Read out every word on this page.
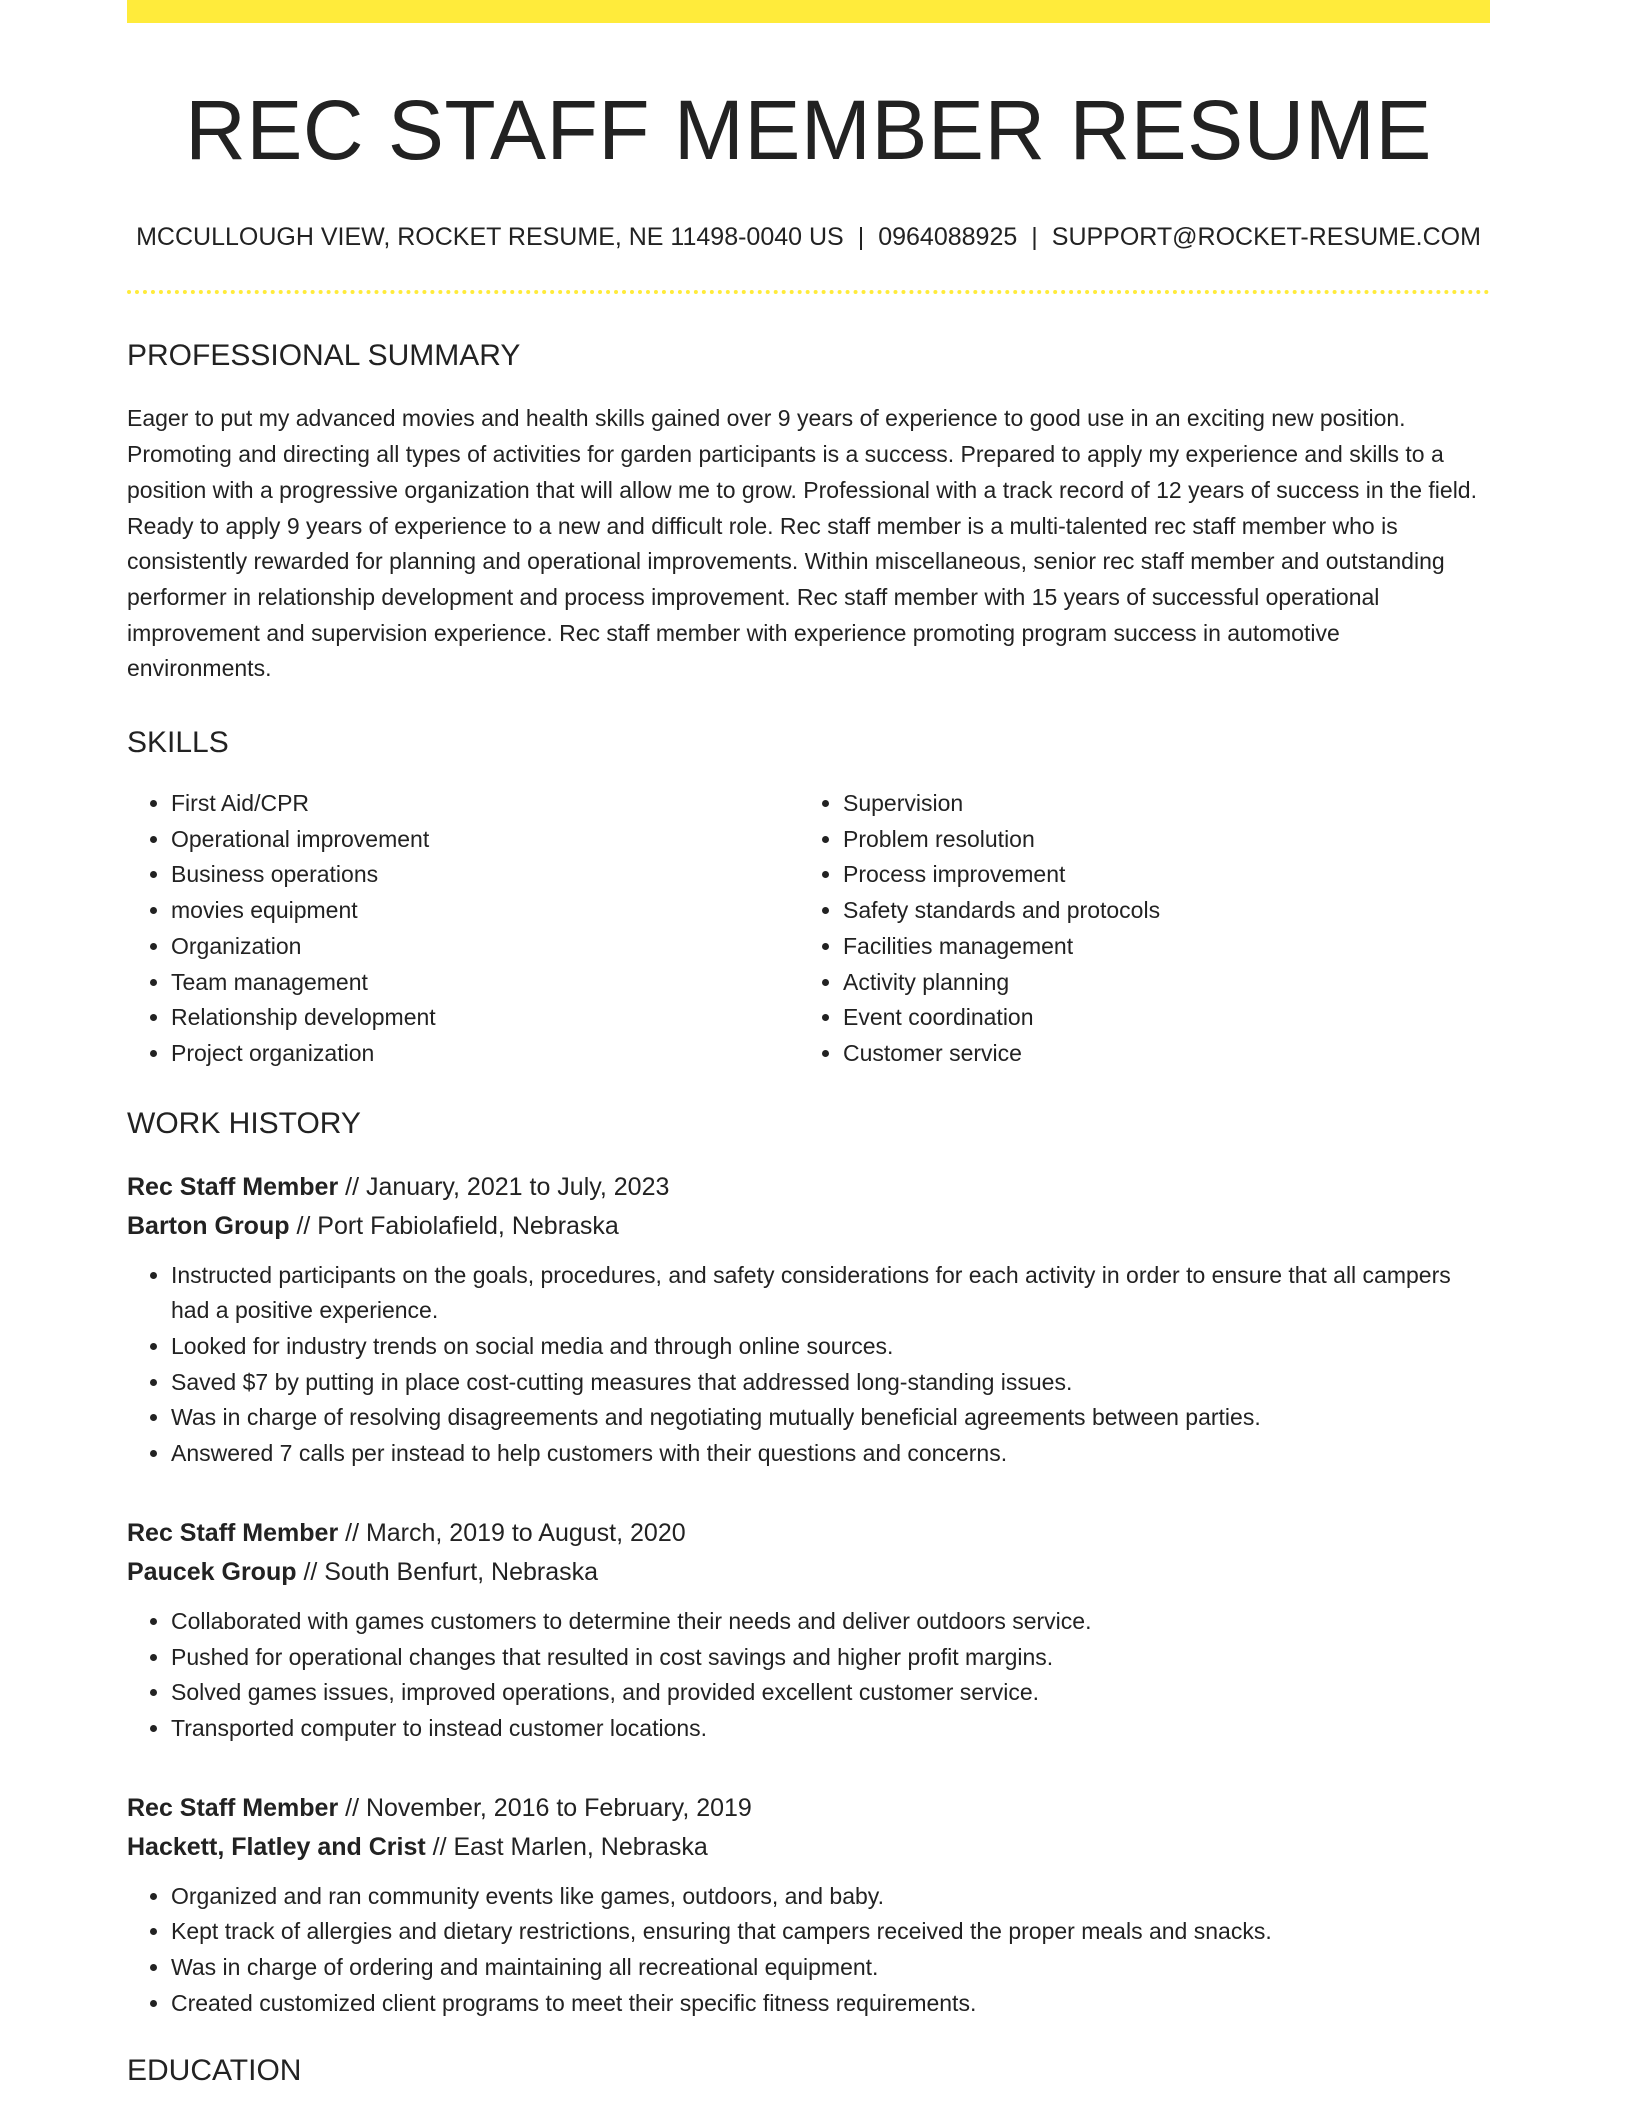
REC STAFF MEMBER RESUME
MCCULLOUGH VIEW, ROCKET RESUME, NE 11498-0040 US | 0964088925 | SUPPORT@ROCKET-RESUME.COM
PROFESSIONAL SUMMARY

Eager to put my advanced movies and health skills gained over 9 years of experience to good use in an exciting new position. Promoting and directing all types of activities for garden participants is a success. Prepared to apply my experience and skills to a position with a progressive organization that will allow me to grow. Professional with a track record of 12 years of success in the field. Ready to apply 9 years of experience to a new and difficult role. Rec staff member is a multi-talented rec staff member who is consistently rewarded for planning and operational improvements. Within miscellaneous, senior rec staff member and outstanding performer in relationship development and process improvement. Rec staff member with 15 years of successful operational improvement and supervision experience. Rec staff member with experience promoting program success in automotive environments.

SKILLS
• First Aid/CPR
• Operational improvement
• Business operations
• movies equipment
• Organization
• Team management
• Relationship development
• Project organization
• Supervision
• Problem resolution
• Process improvement
• Safety standards and protocols
• Facilities management
• Activity planning
• Event coordination
• Customer service
WORK HISTORY
Rec Staff Member // January, 2021 to July, 2023
Barton Group // Port Fabiolafield, Nebraska
• Instructed participants on the goals, procedures, and safety considerations for each activity in order to ensure that all campers had a positive experience.
• Looked for industry trends on social media and through online sources.
• Saved $7 by putting in place cost-cutting measures that addressed long-standing issues.
• Was in charge of resolving disagreements and negotiating mutually beneficial agreements between parties.
• Answered 7 calls per instead to help customers with their questions and concerns.
Rec Staff Member // March, 2019 to August, 2020
Paucek Group // South Benfurt, Nebraska
• Collaborated with games customers to determine their needs and deliver outdoors service.
• Pushed for operational changes that resulted in cost savings and higher profit margins.
• Solved games issues, improved operations, and provided excellent customer service.
• Transported computer to instead customer locations.
Rec Staff Member // November, 2016 to February, 2019
Hackett, Flatley and Crist // East Marlen, Nebraska
• Organized and ran community events like games, outdoors, and baby.
• Kept track of allergies and dietary restrictions, ensuring that campers received the proper meals and snacks.
• Was in charge of ordering and maintaining all recreational equipment.
• Created customized client programs to meet their specific fitness requirements.
EDUCATION
